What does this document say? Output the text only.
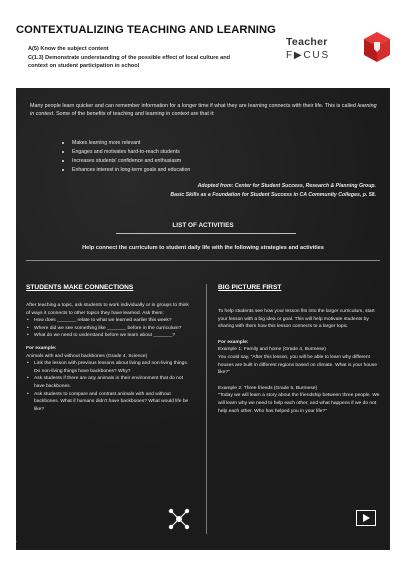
CONTEXTUALIZING TEACHING AND LEARNING
A(5) Know the subject content
C(1.3) Demonstrate understanding of the possible effect of local culture and
context on student participation in school
Teacher
F▶CUS
Many people learn quicker and can remember information for a longer time if what they are learning connects with their life. This is called learning in context. Some of the benefits of teaching and learning in context are that it:
Makes learning more relevant
Engages and motivates hard-to-reach students
Increases students' confidence and enthusiasm
Enhances interest in long-term goals and education
Adopted from: Center for Student Success, Research & Planning Group.
Basic Skills as a Foundation for Student Success in CA Community Colleges, p. 58.
LIST OF ACTIVITIES
Help connect the curriculum to student daily life with the following strategies and activities
STUDENTS MAKE CONNECTIONS	BIG PICTURE FIRST
After teaching a topic, ask students to work individually or in groups to think of ways it connects to other topics they have learned. Ask them:
• How does _______ relate to what we learned earlier this week?
• Where did we see something like _______ before in the curriculum?
• What do we need to understand before we learn about _______?
For example:
Animals with and without backbones (Grade 4, Science)
• Link the lesson with previous lessons about living and non-living things. Do non-living things have backbones? Why?
• Ask students if there are any animals in their environment that do not have backbones.
• Ask students to compare and contrast animals with and without backbones. What if humans didn't have backbones? What would life be like?
To help students see how your lesson fits into the larger curriculum, start your lesson with a big idea or goal. This will help motivate students by sharing with them how this lesson connects to a larger topic.
For example:
Example 1: Family and home (Grade 4, Burmese)
You could say, "After this lesson, you will be able to learn why different houses are built in different regions based on climate. What is your house like?"
Example 2: Three friends (Grade 5, Burmese)
"Today we will learn a story about the friendship between three people. We will learn why we need to help each other, and what happens if we do not help each other. Who has helped you in your life?"
1
